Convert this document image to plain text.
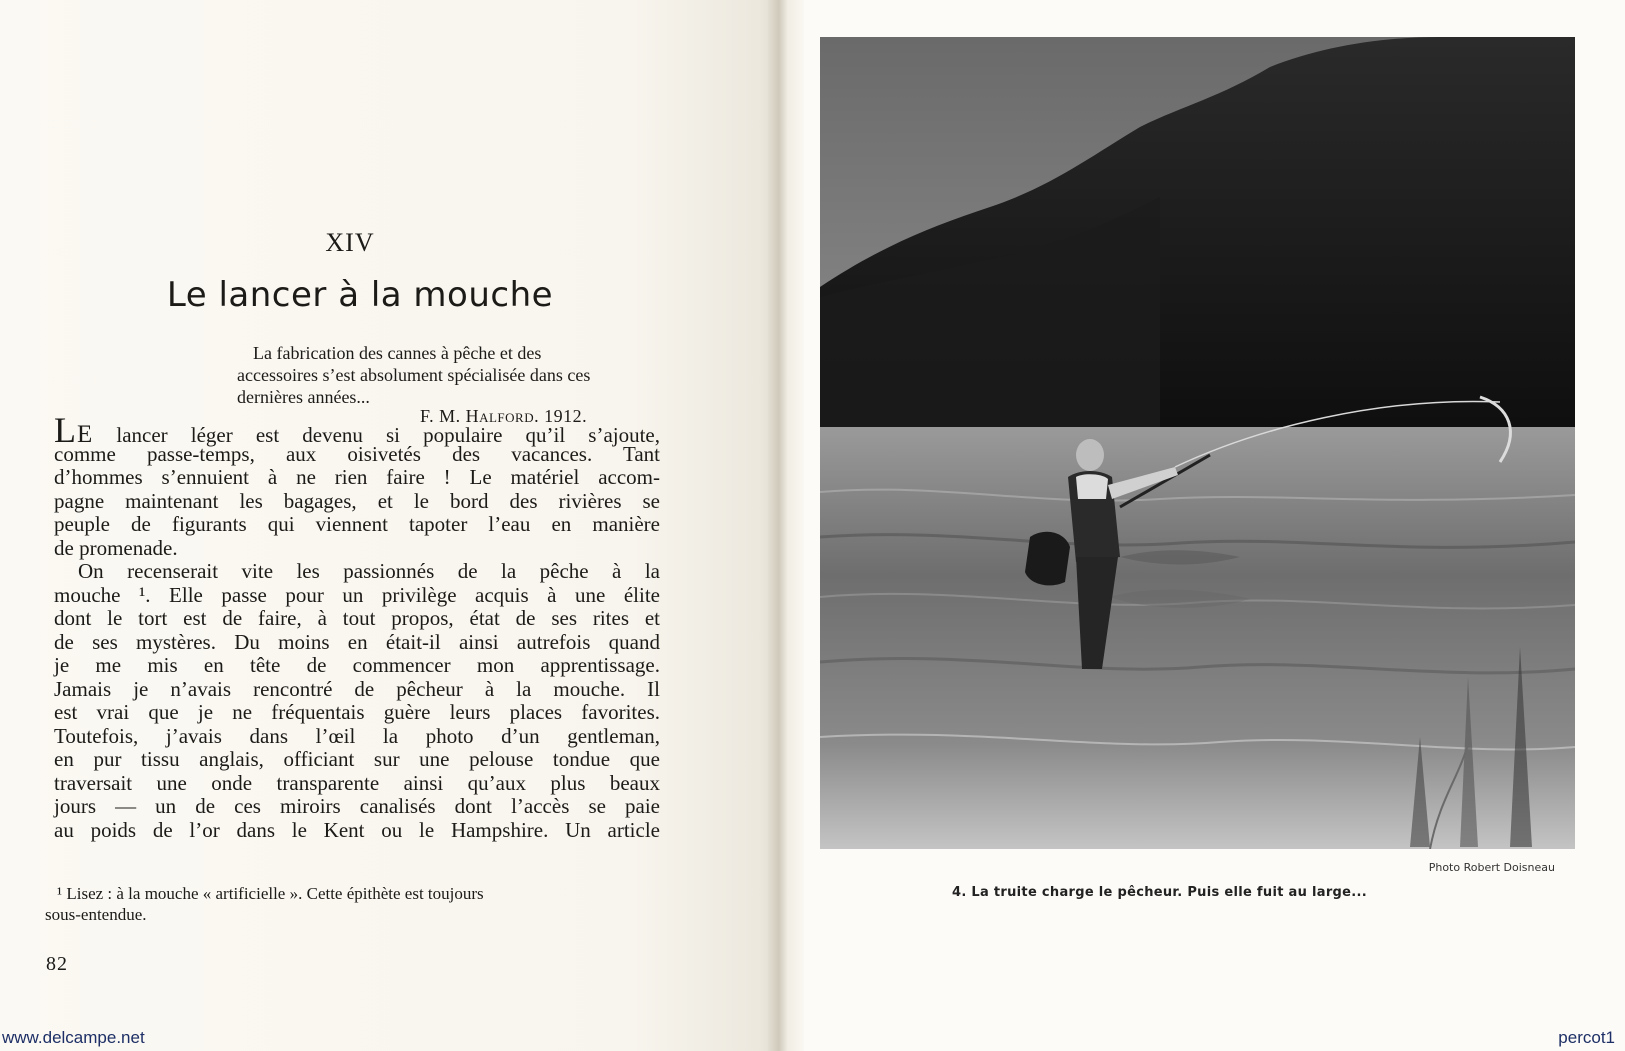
XIV
Le lancer à la mouche
La fabrication des cannes à pêche et des
accessoires s’est absolument spécialisée dans ces
dernières années...
F. M. Halford. 1912.
Le lancer léger est devenu si populaire qu’il s’ajoute,
comme passe-temps, aux oisivetés des vacances. Tant
d’hommes s’ennuient à ne rien faire ! Le matériel accom-
pagne maintenant les bagages, et le bord des rivières se
peuple de figurants qui viennent tapoter l’eau en manière
de promenade.
On recenserait vite les passionnés de la pêche à la
mouche ¹. Elle passe pour un privilège acquis à une élite
dont le tort est de faire, à tout propos, état de ses rites et
de ses mystères. Du moins en était-il ainsi autrefois quand
je me mis en tête de commencer mon apprentissage.
Jamais je n’avais rencontré de pêcheur à la mouche. Il
est vrai que je ne fréquentais guère leurs places favorites.
Toutefois, j’avais dans l’œil la photo d’un gentleman,
en pur tissu anglais, officiant sur une pelouse tondue que
traversait une onde transparente ainsi qu’aux plus beaux
jours — un de ces miroirs canalisés dont l’accès se paie
au poids de l’or dans le Kent ou le Hampshire. Un article
¹ Lisez : à la mouche « artificielle ». Cette épithète est toujours
sous-entendue.
82
Photo Robert Doisneau
4. La truite charge le pêcheur. Puis elle fuit au large...
www.delcampe.net	percot1
